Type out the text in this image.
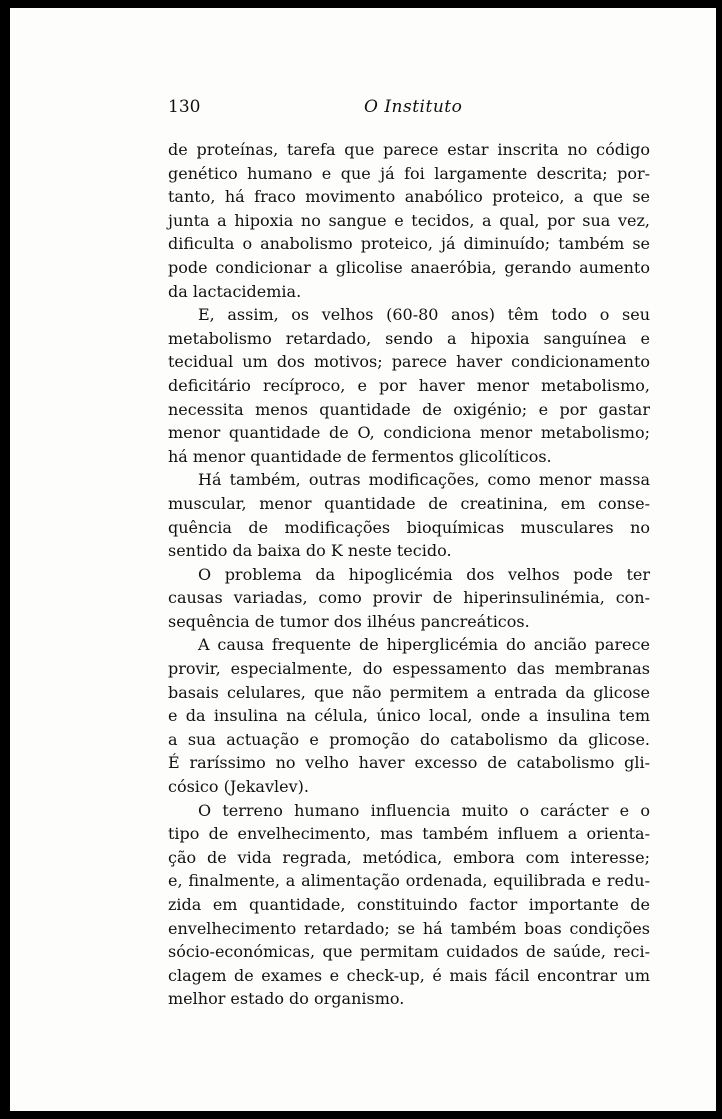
130	O Instituto

de proteínas, tarefa que parece estar inscrita no código
genético humano e que já foi largamente descrita; por-
tanto, há fraco movimento anabólico proteico, a que se
junta a hipoxia no sangue e tecidos, a qual, por sua vez,
dificulta o anabolismo proteico, já diminuído; também se
pode condicionar a glicolise anaeróbia, gerando aumento
da lactacidemia.

E, assim, os velhos (60-80 anos) têm todo o seu
metabolismo retardado, sendo a hipoxia sanguínea e
tecidual um dos motivos; parece haver condicionamento
deficitário recíproco, e por haver menor metabolismo,
necessita menos quantidade de oxigénio; e por gastar
menor quantidade de O, condiciona menor metabolismo;
há menor quantidade de fermentos glicolíticos.

Há também, outras modificações, como menor massa
muscular, menor quantidade de creatinina, em conse-
quência de modificações bioquímicas musculares no
sentido da baixa do K neste tecido.

O problema da hipoglicémia dos velhos pode ter
causas variadas, como provir de hiperinsulinémia, con-
sequência de tumor dos ilhéus pancreáticos.

A causa frequente de hiperglicémia do ancião parece
provir, especialmente, do espessamento das membranas
basais celulares, que não permitem a entrada da glicose
e da insulina na célula, único local, onde a insulina tem
a sua actuação e promoção do catabolismo da glicose.
É raríssimo no velho haver excesso de catabolismo gli-
cósico (Jekavlev).

O terreno humano influencia muito o carácter e o
tipo de envelhecimento, mas também influem a orienta-
ção de vida regrada, metódica, embora com interesse;
e, finalmente, a alimentação ordenada, equilibrada e redu-
zida em quantidade, constituindo factor importante de
envelhecimento retardado; se há também boas condições
sócio-económicas, que permitam cuidados de saúde, reci-
clagem de exames e check-up, é mais fácil encontrar um
melhor estado do organismo.
